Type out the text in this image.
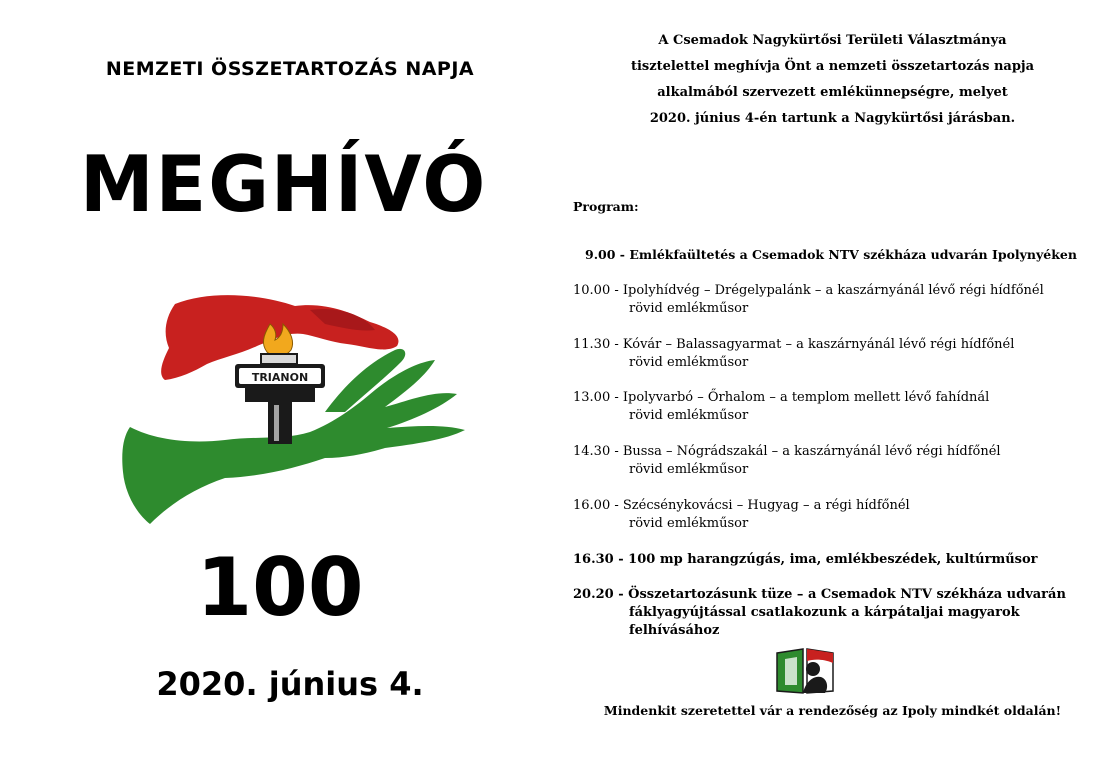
NEMZETI ÖSSZETARTOZÁS NAPJA
MEGHÍVÓ
TRIANON
100
2020. június 4.
A Csemadok Nagykürtősi Területi Választmánya
tisztelettel meghívja Önt a nemzeti összetartozás napja
alkalmából szervezett emlékünnepségre, melyet
2020. június 4-én tartunk a Nagykürtősi járásban.
Program:
9.00 - Emlékfaültetés a Csemadok NTV székháza udvarán Ipolynyéken
10.00 - Ipolyhídvég – Drégelypalánk – a kaszárnyánál lévő régi hídfőnél
rövid emlékműsor
11.30 - Kóvár – Balassagyarmat – a kaszárnyánál lévő régi hídfőnél
rövid emlékműsor
13.00 - Ipolyvarbó – Őrhalom – a templom mellett lévő fahídnál
rövid emlékműsor
14.30 - Bussa – Nógrádszakál – a kaszárnyánál lévő régi hídfőnél
rövid emlékműsor
16.00 - Szécsénykovácsi – Hugyag – a régi hídfőnél
rövid emlékműsor
16.30 - 100 mp harangzúgás, ima, emlékbeszédek, kultúrműsor
20.20 - Összetartozásunk tüze – a Csemadok NTV székháza udvarán
fáklyagyújtással csatlakozunk a kárpátaljai magyarok felhívásához
Mindenkit szeretettel vár a rendezőség az Ipoly mindkét oldalán!
